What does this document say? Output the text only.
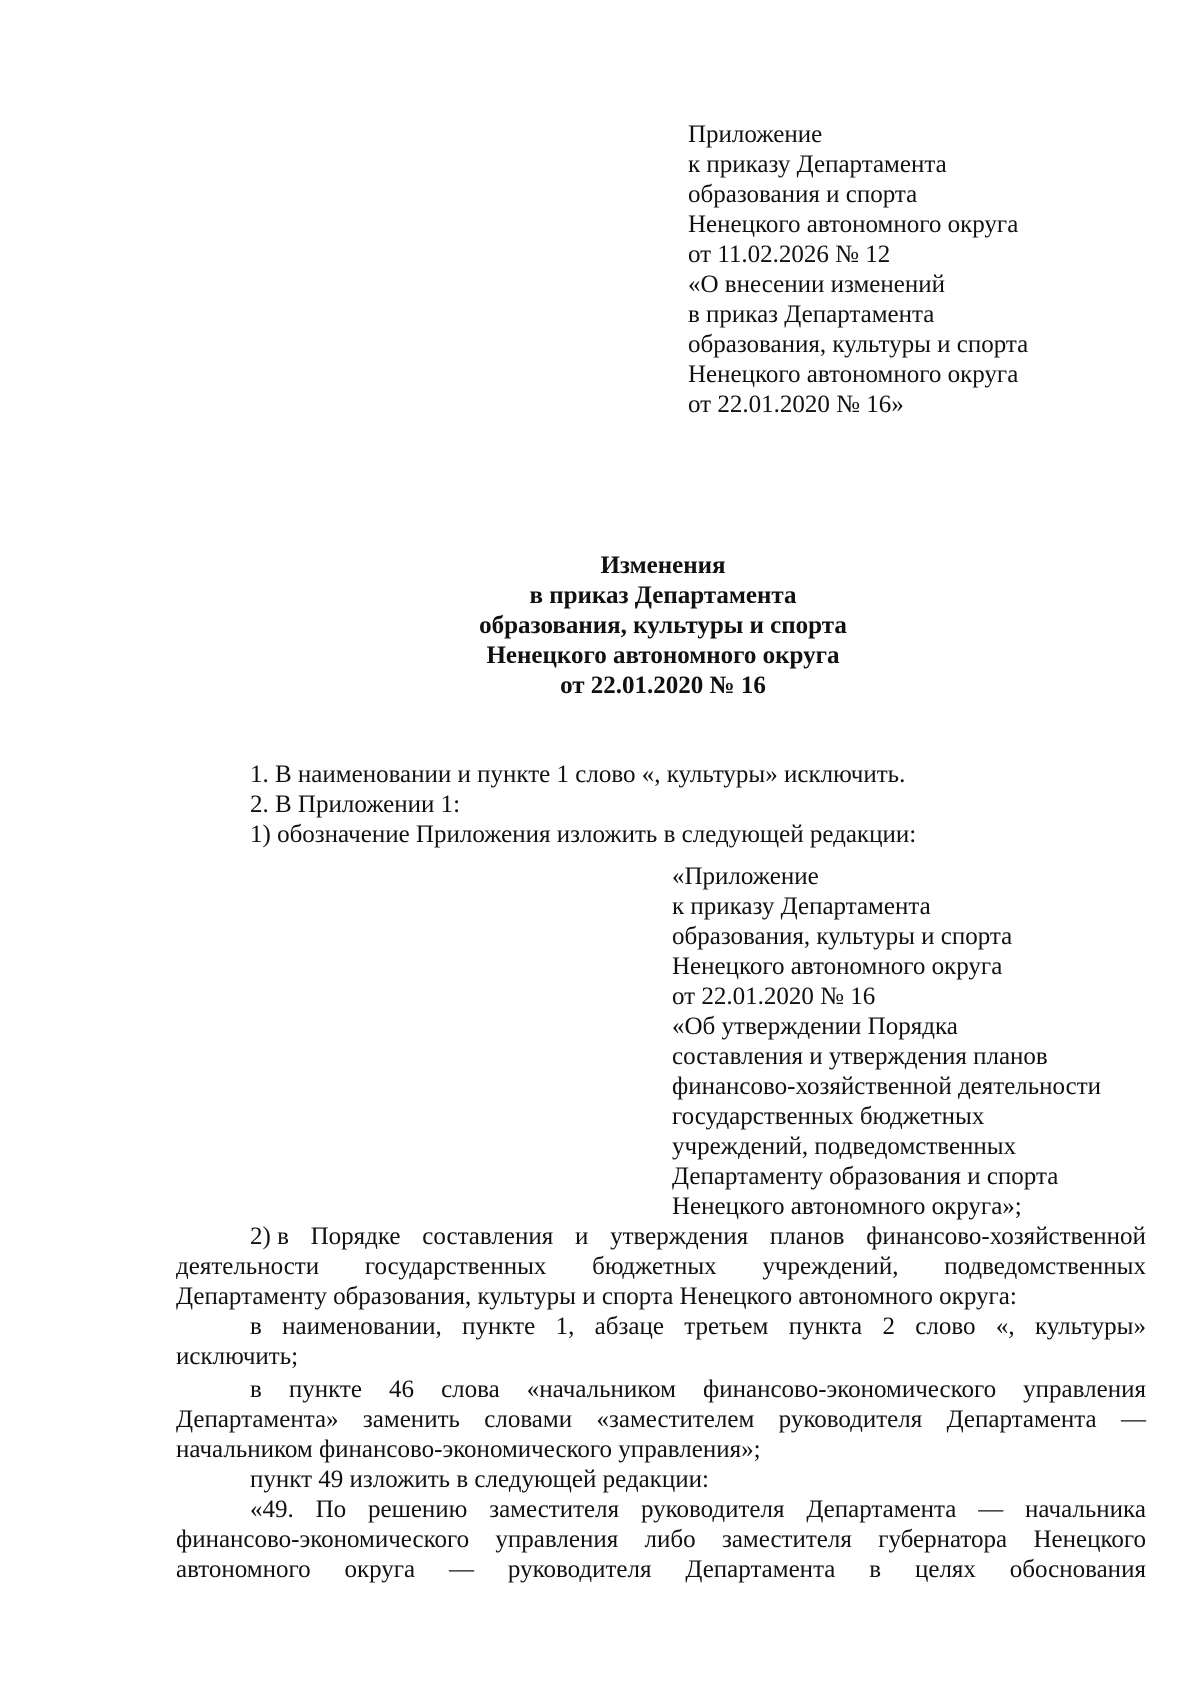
Приложение
к приказу Департамента
образования и спорта
Ненецкого автономного округа
от 11.02.2026 № 12
«О внесении изменений
в приказ Департамента
образования, культуры и спорта
Ненецкого автономного округа
от 22.01.2020 № 16»
Изменения
в приказ Департамента
образования, культуры и спорта
Ненецкого автономного округа
от 22.01.2020 № 16
1. В наименовании и пункте 1 слово «, культуры» исключить.
2. В Приложении 1:
1) обозначение Приложения изложить в следующей редакции:
«Приложение
к приказу Департамента
образования, культуры и спорта
Ненецкого автономного округа
от 22.01.2020 № 16
«Об утверждении Порядка
составления и утверждения планов
финансово-хозяйственной деятельности
государственных бюджетных
учреждений, подведомственных
Департаменту образования и спорта
Ненецкого автономного округа»;
2) в Порядке составления и утверждения планов финансово-хозяйственной
деятельности государственных бюджетных учреждений, подведомственных
Департаменту образования, культуры и спорта Ненецкого автономного округа:
в наименовании, пункте 1, абзаце третьем пункта 2 слово «, культуры»
исключить;
в пункте 46 слова «начальником финансово-экономического управления
Департамента» заменить словами «заместителем руководителя Департамента —
начальником финансово-экономического управления»;
пункт 49 изложить в следующей редакции:
«49. По решению заместителя руководителя Департамента — начальника
финансово-экономического управления либо заместителя губернатора Ненецкого
автономного округа — руководителя Департамента в целях обоснования
